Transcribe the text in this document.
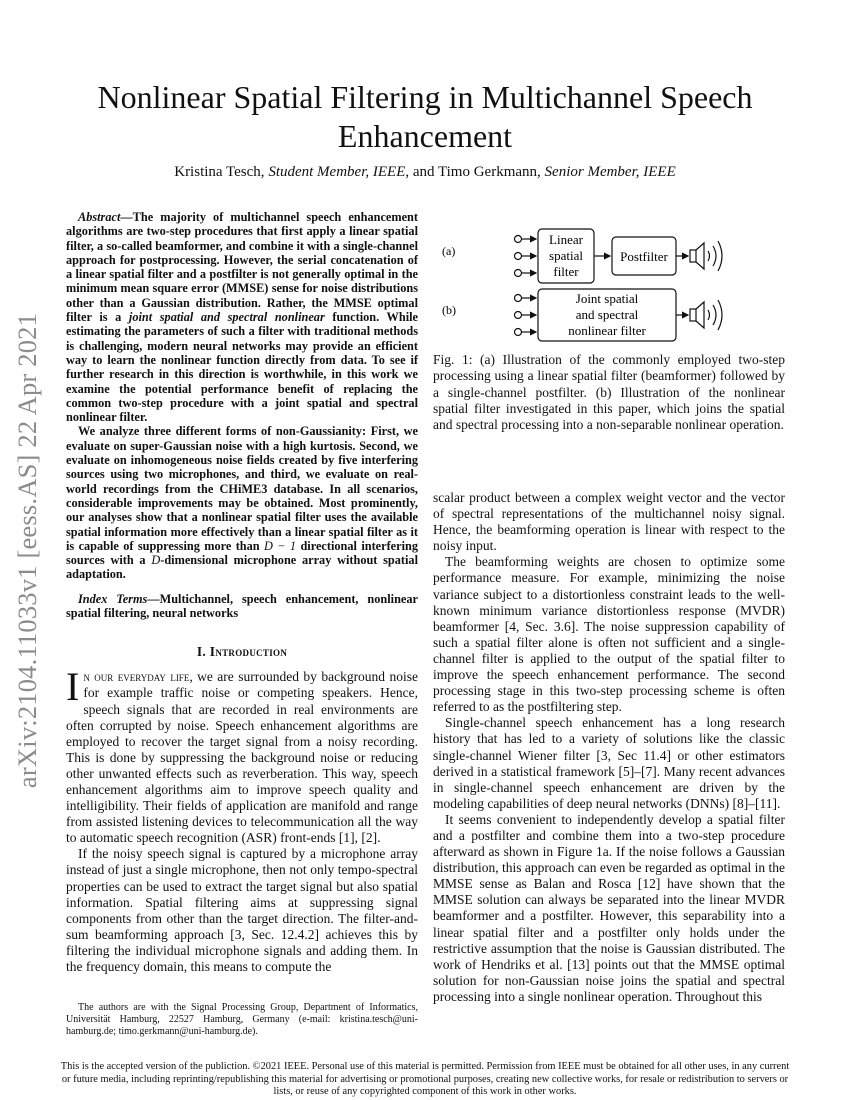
arXiv:2104.11033v1 [eess.AS] 22 Apr 2021
Nonlinear Spatial Filtering in Multichannel Speech Enhancement
Kristina Tesch, Student Member, IEEE, and Timo Gerkmann, Senior Member, IEEE

Abstract—The majority of multichannel speech enhancement algorithms are two-step procedures that first apply a linear spatial filter, a so-called beamformer, and combine it with a single-channel approach for postprocessing. However, the serial concatenation of a linear spatial filter and a postfilter is not generally optimal in the minimum mean square error (MMSE) sense for noise distributions other than a Gaussian distribution. Rather, the MMSE optimal filter is a joint spatial and spectral nonlinear function. While estimating the parameters of such a filter with traditional methods is challenging, modern neural networks may provide an efficient way to learn the nonlinear function directly from data. To see if further research in this direction is worthwhile, in this work we examine the potential performance benefit of replacing the common two-step procedure with a joint spatial and spectral nonlinear filter.

We analyze three different forms of non-Gaussianity: First, we evaluate on super-Gaussian noise with a high kurtosis. Second, we evaluate on inhomogeneous noise fields created by five interfering sources using two microphones, and third, we evaluate on real-world recordings from the CHiME3 database. In all scenarios, considerable improvements may be obtained. Most prominently, our analyses show that a nonlinear spatial filter uses the available spatial information more effectively than a linear spatial filter as it is capable of suppressing more than D − 1 directional interfering sources with a D-dimensional microphone array without spatial adaptation.

Index Terms—Multichannel, speech enhancement, nonlinear spatial filtering, neural networks

I. Introduction

In our everyday life, we are surrounded by background noise for example traffic noise or competing speakers. Hence, speech signals that are recorded in real environments are often corrupted by noise. Speech enhancement algorithms are employed to recover the target signal from a noisy recording. This is done by suppressing the background noise or reducing other unwanted effects such as reverberation. This way, speech enhancement algorithms aim to improve speech quality and intelligibility. Their fields of application are manifold and range from assisted listening devices to telecommunication all the way to automatic speech recognition (ASR) front-ends [1], [2].

If the noisy speech signal is captured by a microphone array instead of just a single microphone, then not only tempo-spectral properties can be used to extract the target signal but also spatial information. Spatial filtering aims at suppressing signal components from other than the target direction. The filter-and-sum beamforming approach [3, Sec. 12.4.2] achieves this by filtering the individual microphone signals and adding them. In the frequency domain, this means to compute the

The authors are with the Signal Processing Group, Department of Informatics, Universität Hamburg, 22527 Hamburg, Germany (e-mail: kristina.tesch@uni-hamburg.de; timo.gerkmann@uni-hamburg.de).

(a)
(b)
Linear
spatial
filter
Postfilter
Joint spatial
and spectral
nonlinear filter

Fig. 1: (a) Illustration of the commonly employed two-step processing using a linear spatial filter (beamformer) followed by a single-channel postfilter. (b) Illustration of the nonlinear spatial filter investigated in this paper, which joins the spatial and spectral processing into a non-separable nonlinear operation.

scalar product between a complex weight vector and the vector of spectral representations of the multichannel noisy signal. Hence, the beamforming operation is linear with respect to the noisy input.

The beamforming weights are chosen to optimize some performance measure. For example, minimizing the noise variance subject to a distortionless constraint leads to the well-known minimum variance distortionless response (MVDR) beamformer [4, Sec. 3.6]. The noise suppression capability of such a spatial filter alone is often not sufficient and a single-channel filter is applied to the output of the spatial filter to improve the speech enhancement performance. The second processing stage in this two-step processing scheme is often referred to as the postfiltering step.

Single-channel speech enhancement has a long research history that has led to a variety of solutions like the classic single-channel Wiener filter [3, Sec 11.4] or other estimators derived in a statistical framework [5]–[7]. Many recent advances in single-channel speech enhancement are driven by the modeling capabilities of deep neural networks (DNNs) [8]–[11].

It seems convenient to independently develop a spatial filter and a postfilter and combine them into a two-step procedure afterward as shown in Figure 1a. If the noise follows a Gaussian distribution, this approach can even be regarded as optimal in the MMSE sense as Balan and Rosca [12] have shown that the MMSE solution can always be separated into the linear MVDR beamformer and a postfilter. However, this separability into a linear spatial filter and a postfilter only holds under the restrictive assumption that the noise is Gaussian distributed. The work of Hendriks et al. [13] points out that the MMSE optimal solution for non-Gaussian noise joins the spatial and spectral processing into a single nonlinear operation. Throughout this

This is the accepted version of the publiction. ©2021 IEEE. Personal use of this material is permitted. Permission from IEEE must be obtained for all other uses, in any current or future media, including reprinting/republishing this material for advertising or promotional purposes, creating new collective works, for resale or redistribution to servers or lists, or reuse of any copyrighted component of this work in other works.
